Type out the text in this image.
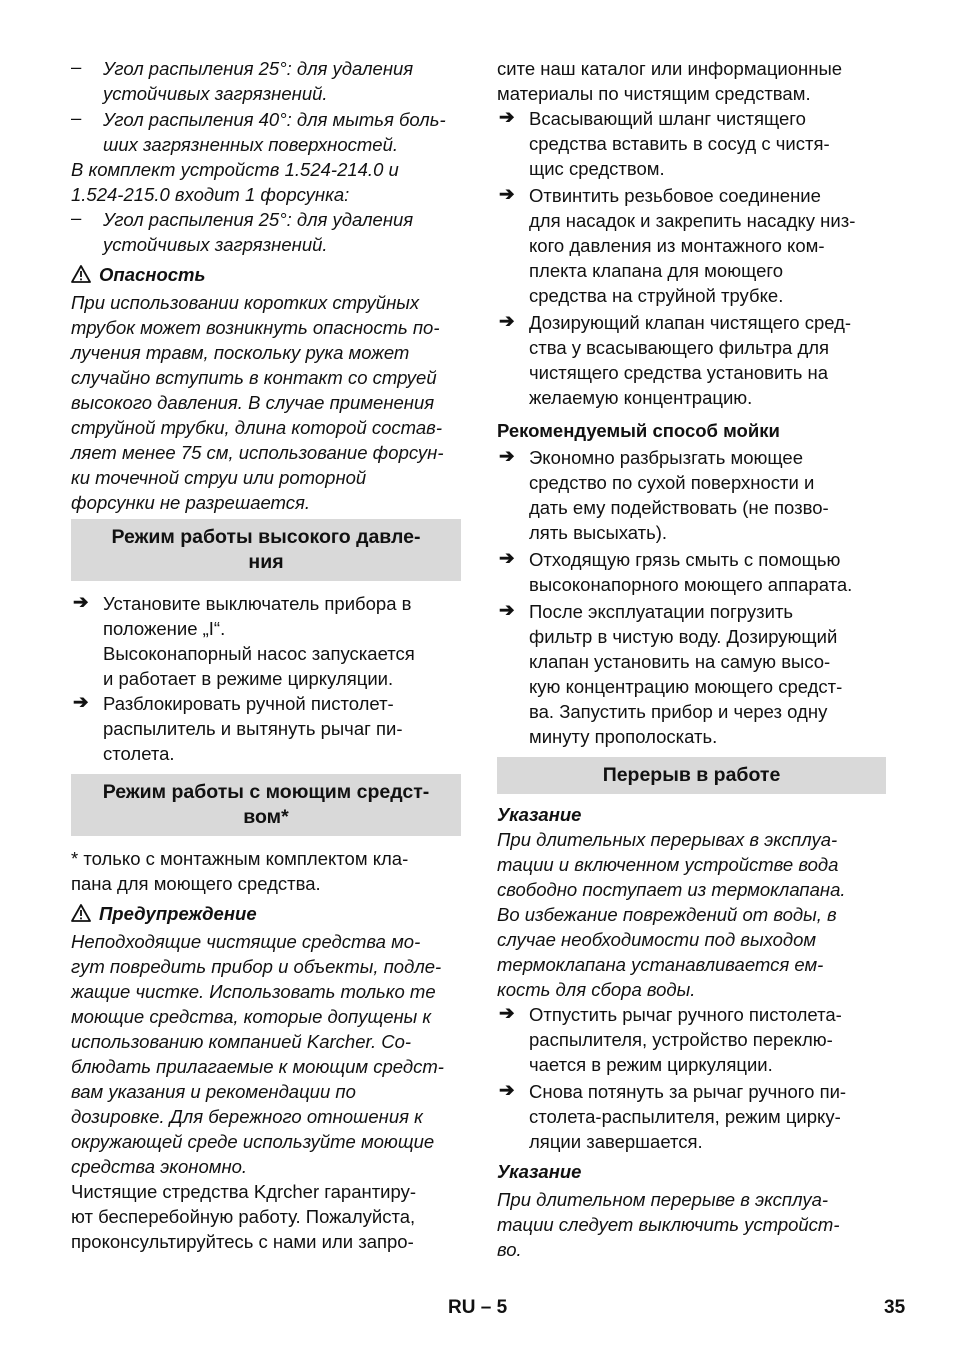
– Угол распыления 25°: для удаления
устойчивых загрязнений.
– Угол распыления 40°: для мытья боль-
ших загрязненных поверхностей.
В комплект устройств 1.524-214.0 и
1.524-215.0 входит 1 форсунка:
– Угол распыления 25°: для удаления
устойчивых загрязнений.
Опасность
При использовании коротких струйных
трубок может возникнуть опасность по-
лучения травм, поскольку рука может
случайно вступить в контакт со струей
высокого давления. В случае применения
струйной трубки, длина которой состав-
ляет менее 75 см, использование форсун-
ки точечной струи или роторной
форсунки не разрешается.
Режим работы высокого давле-
ния
➔ Установите выключатель прибора в
положение „I“.
Высоконапорный насос запускается
и работает в режиме циркуляции.
➔ Разблокировать ручной пистолет-
распылитель и вытянуть рычаг пи-
столета.
Режим работы с моющим средст-
вом*
* только с монтажным комплектом кла-
пана для моющего средства.
Предупреждение
Неподходящие чистящие средства мо-
гут повредить прибор и объекты, подле-
жащие чистке. Использовать только те
моющие средства, которые допущены к
использованию компанией Karcher. Со-
блюдать прилагаемые к моющим средст-
вам указания и рекомендации по
дозировке. Для бережного отношения к
окружающей среде используйте моющие
средства экономно.
Чистящие стредства Kдrcher гарантиру-
ют бесперебойную работу. Пожалуйста,
проконсультируйтесь с нами или запро-
сите наш каталог или информационные
материалы по чистящим средствам.
➔ Всасывающий шланг чистящего
средства вставить в сосуд с чистя-
щис средством.
➔ Отвинтить резьбовое соединение
для насадок и закрепить насадку низ-
кого давления из монтажного ком-
плекта клапана для моющего
средства на струйной трубке.
➔ Дозирующий клапан чистящего сред-
ства у всасывающего фильтра для
чистящего средства установить на
желаемую концентрацию.
Рекомендуемый способ мойки
➔ Экономно разбрызгать моющее
средство по сухой поверхности и
дать ему подействовать (не позво-
лять высыхать).
➔ Отходящую грязь смыть с помощью
высоконапорного моющего аппарата.
➔ После эксплуатации погрузить
фильтр в чистую воду. Дозирующий
клапан установить на самую высо-
кую концентрацию моющего средст-
ва. Запустить прибор и через одну
минуту прополоскать.
Перерыв в работе
Указание
При длительных перерывах в эксплуа-
тации и включенном устройстве вода
свободно поступает из термоклапана.
Во избежание повреждений от воды, в
случае необходимости под выходом
термоклапана устанавливается ем-
кость для сбора воды.
➔ Отпустить рычаг ручного пистолета-
распылителя, устройство переклю-
чается в режим циркуляции.
➔ Снова потянуть за рычаг ручного пи-
столета-распылителя, режим цирку-
ляции завершается.
Указание
При длительном перерыве в эксплуа-
тации следует выключить устройст-
во.
RU – 5	35
